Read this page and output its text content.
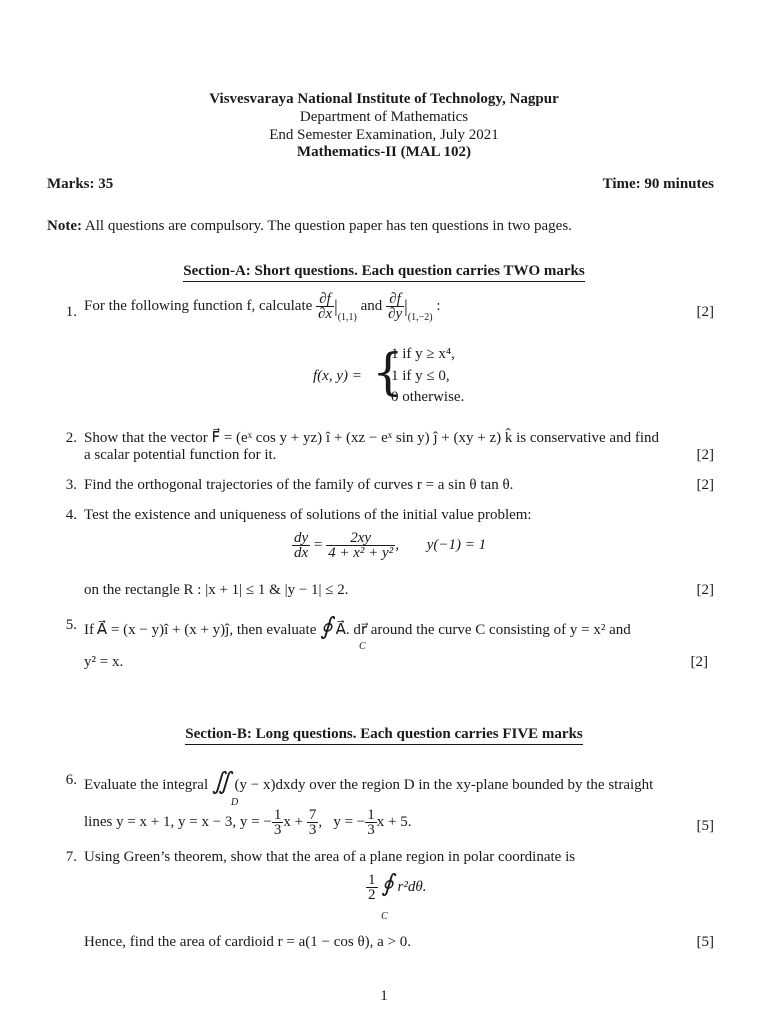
Visvesvaraya National Institute of Technology, Nagpur
Department of Mathematics
End Semester Examination, July 2021
Mathematics-II (MAL 102)
Marks: 35	Time: 90 minutes
Note: All questions are compulsory. The question paper has ten questions in two pages.
Section-A: Short questions. Each question carries TWO marks
1. For the following function f, calculate $\frac{\partial f}{\partial x} |_{(1,1)}$ and $\frac{\partial f}{\partial y} |_{(1,-2)}$ :	[2]
f(x, y) = {
1 if y ≥ x⁴,
1 if y ≤ 0,
0 otherwise.
2. Show that the vector F⃗ = (eˣ cos y + yz) î + (xz − eˣ sin y) ĵ + (xy + z) k̂ is conservative and find
a scalar potential function for it.	[2]
3. Find the orthogonal trajectories of the family of curves r = a sin θ tan θ.	[2]
4. Test the existence and uniqueness of solutions of the initial value problem:
$\frac{dy}{dx} = \frac{2xy}{\text{4 + x² + y²}}$ , y(−1) = 1
on the rectangle R : |x + 1| ≤ 1 & |y − 1| ≤ 2.	[2]
5. If A⃗ = (x − y)î + (x + y)ĵ, then evaluate ∮ A⃗. dr⃗ around the curve C consisting of y = x² and
C
y² = x.	[2]
Section-B: Long questions. Each question carries FIVE marks
6. Evaluate the integral ∬ (y − x)dxdy over the region D in the xy-plane bounded by the straight
D
lines y = x + 1, y = x − 3, y = − $\frac{1}{3}$ $x + \frac{7}{3}$ ,   y = − $\frac{1}{3}$ x + 5.	[5]
7. Using Green’s theorem, show that the area of a plane region in polar coordinate is
$\frac{1}{2}$ ∮ r²dθ.
C
Hence, find the area of cardioid r = a(1 − cos θ), a > 0.	[5]
1
